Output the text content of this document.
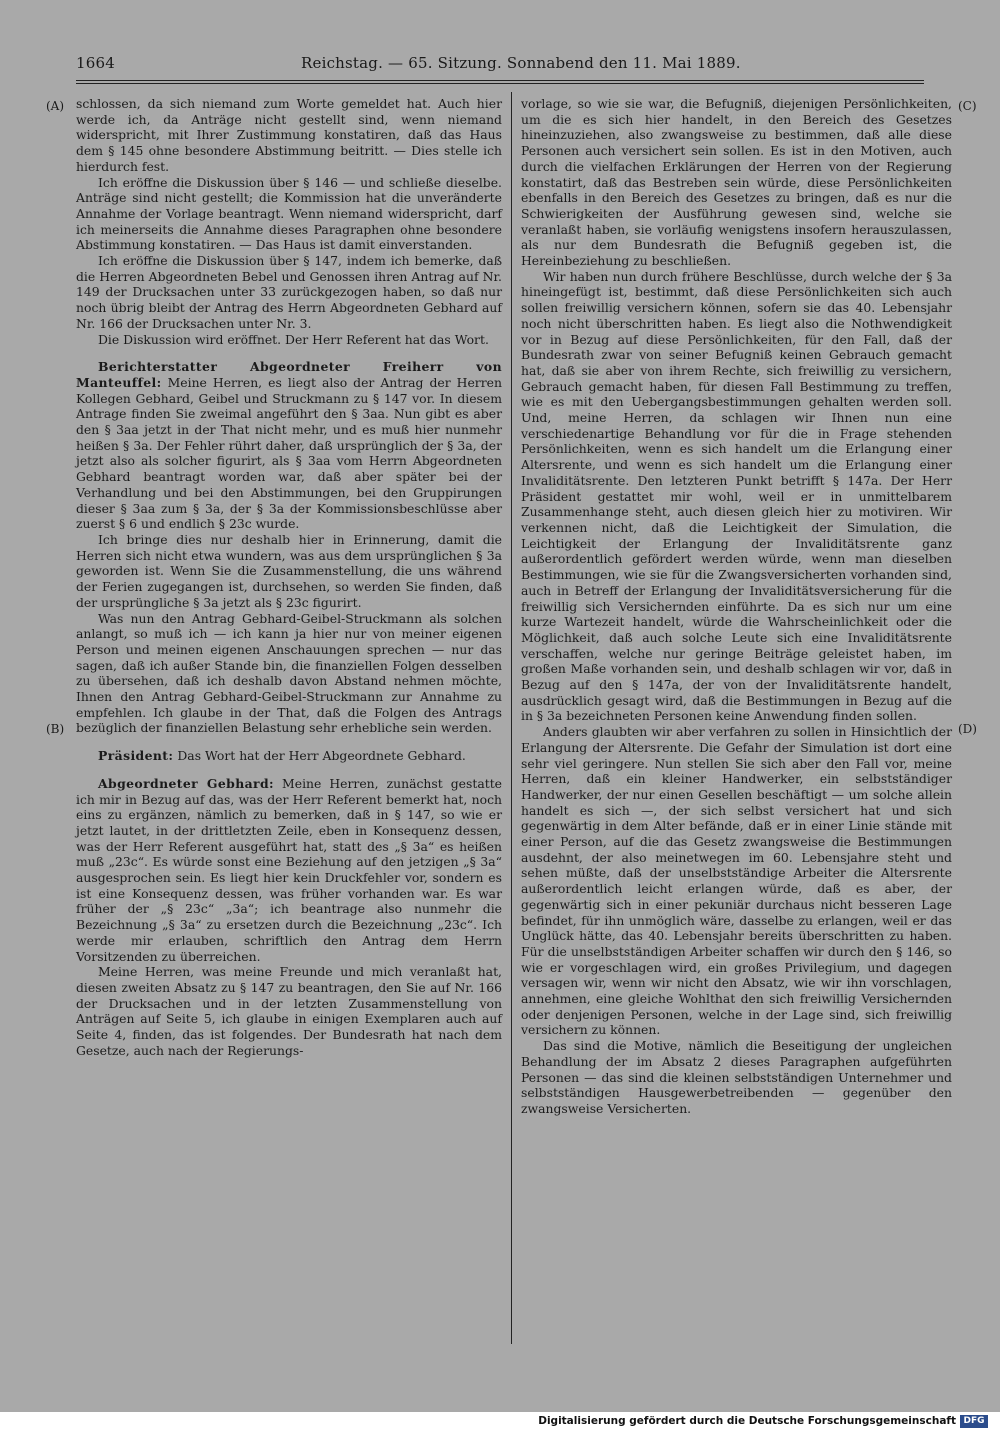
1664	Reichstag. — 65. Sitzung. Sonnabend den 11. Mai 1889.
(A)
(B)
(C)
(D)

schlossen, da sich niemand zum Worte gemeldet hat. Auch hier werde ich, da Anträge nicht gestellt sind, wenn niemand widerspricht, mit Ihrer Zustimmung konstatiren, daß das Haus dem § 145 ohne besondere Abstimmung beitritt. — Dies stelle ich hierdurch fest.

Ich eröffne die Diskussion über § 146 — und schließe dieselbe. Anträge sind nicht gestellt; die Kommission hat die unveränderte Annahme der Vorlage beantragt. Wenn niemand widerspricht, darf ich meinerseits die Annahme dieses Paragraphen ohne besondere Abstimmung konstatiren. — Das Haus ist damit einverstanden.

Ich eröffne die Diskussion über § 147, indem ich bemerke, daß die Herren Abgeordneten Bebel und Genossen ihren Antrag auf Nr. 149 der Drucksachen unter 33 zurückgezogen haben, so daß nur noch übrig bleibt der Antrag des Herrn Abgeordneten Gebhard auf Nr. 166 der Drucksachen unter Nr. 3.

Die Diskussion wird eröffnet. Der Herr Referent hat das Wort.

Berichterstatter Abgeordneter Freiherr von Manteuffel: Meine Herren, es liegt also der Antrag der Herren Kollegen Gebhard, Geibel und Struckmann zu § 147 vor. In diesem Antrage finden Sie zweimal angeführt den § 3aa. Nun gibt es aber den § 3aa jetzt in der That nicht mehr, und es muß hier nunmehr heißen § 3a. Der Fehler rührt daher, daß ursprünglich der § 3a, der jetzt also als solcher figurirt, als § 3aa vom Herrn Abgeordneten Gebhard beantragt worden war, daß aber später bei der Verhandlung und bei den Abstimmungen, bei den Gruppirungen dieser § 3aa zum § 3a, der § 3a der Kommissionsbeschlüsse aber zuerst § 6 und endlich § 23c wurde.

Ich bringe dies nur deshalb hier in Erinnerung, damit die Herren sich nicht etwa wundern, was aus dem ursprünglichen § 3a geworden ist. Wenn Sie die Zusammenstellung, die uns während der Ferien zugegangen ist, durchsehen, so werden Sie finden, daß der ursprüngliche § 3a jetzt als § 23c figurirt.

Was nun den Antrag Gebhard-Geibel-Struckmann als solchen anlangt, so muß ich — ich kann ja hier nur von meiner eigenen Person und meinen eigenen Anschauungen sprechen — nur das sagen, daß ich außer Stande bin, die finanziellen Folgen desselben zu übersehen, daß ich deshalb davon Abstand nehmen möchte, Ihnen den Antrag Gebhard-Geibel-Struckmann zur Annahme zu empfehlen. Ich glaube in der That, daß die Folgen des Antrags bezüglich der finanziellen Belastung sehr erhebliche sein werden.

Präsident: Das Wort hat der Herr Abgeordnete Gebhard.

Abgeordneter Gebhard: Meine Herren, zunächst gestatte ich mir in Bezug auf das, was der Herr Referent bemerkt hat, noch eins zu ergänzen, nämlich zu bemerken, daß in § 147, so wie er jetzt lautet, in der drittletzten Zeile, eben in Konsequenz dessen, was der Herr Referent ausgeführt hat, statt des „§ 3a“ es heißen muß „23c“. Es würde sonst eine Beziehung auf den jetzigen „§ 3a“ ausgesprochen sein. Es liegt hier kein Druckfehler vor, sondern es ist eine Konsequenz dessen, was früher vorhanden war. Es war früher der „§ 23c“ „3a“; ich beantrage also nunmehr die Bezeichnung „§ 3a“ zu ersetzen durch die Bezeichnung „23c“. Ich werde mir erlauben, schriftlich den Antrag dem Herrn Vorsitzenden zu überreichen.

Meine Herren, was meine Freunde und mich veranlaßt hat, diesen zweiten Absatz zu § 147 zu beantragen, den Sie auf Nr. 166 der Drucksachen und in der letzten Zusammenstellung von Anträgen auf Seite 5, ich glaube in einigen Exemplaren auch auf Seite 4, finden, das ist folgendes. Der Bundesrath hat nach dem Gesetze, auch nach der Regierungs-

vorlage, so wie sie war, die Befugniß, diejenigen Persönlichkeiten, um die es sich hier handelt, in den Bereich des Gesetzes hineinzuziehen, also zwangsweise zu bestimmen, daß alle diese Personen auch versichert sein sollen. Es ist in den Motiven, auch durch die vielfachen Erklärungen der Herren von der Regierung konstatirt, daß das Bestreben sein würde, diese Persönlichkeiten ebenfalls in den Bereich des Gesetzes zu bringen, daß es nur die Schwierigkeiten der Ausführung gewesen sind, welche sie veranlaßt haben, sie vorläufig wenigstens insofern herauszulassen, als nur dem Bundesrath die Befugniß gegeben ist, die Hereinbeziehung zu beschließen.

Wir haben nun durch frühere Beschlüsse, durch welche der § 3a hineingefügt ist, bestimmt, daß diese Persönlichkeiten sich auch sollen freiwillig versichern können, sofern sie das 40. Lebensjahr noch nicht überschritten haben. Es liegt also die Nothwendigkeit vor in Bezug auf diese Persönlichkeiten, für den Fall, daß der Bundesrath zwar von seiner Befugniß keinen Gebrauch gemacht hat, daß sie aber von ihrem Rechte, sich freiwillig zu versichern, Gebrauch gemacht haben, für diesen Fall Bestimmung zu treffen, wie es mit den Uebergangsbestimmungen gehalten werden soll. Und, meine Herren, da schlagen wir Ihnen nun eine verschiedenartige Behandlung vor für die in Frage stehenden Persönlichkeiten, wenn es sich handelt um die Erlangung einer Altersrente, und wenn es sich handelt um die Erlangung einer Invaliditätsrente. Den letzteren Punkt betrifft § 147a. Der Herr Präsident gestattet mir wohl, weil er in unmittelbarem Zusammenhange steht, auch diesen gleich hier zu motiviren. Wir verkennen nicht, daß die Leichtigkeit der Simulation, die Leichtigkeit der Erlangung der Invaliditätsrente ganz außerordentlich gefördert werden würde, wenn man dieselben Bestimmungen, wie sie für die Zwangsversicherten vorhanden sind, auch in Betreff der Erlangung der Invaliditätsversicherung für die freiwillig sich Versichernden einführte. Da es sich nur um eine kurze Wartezeit handelt, würde die Wahrscheinlichkeit oder die Möglichkeit, daß auch solche Leute sich eine Invaliditätsrente verschaffen, welche nur geringe Beiträge geleistet haben, im großen Maße vorhanden sein, und deshalb schlagen wir vor, daß in Bezug auf den § 147a, der von der Invaliditätsrente handelt, ausdrücklich gesagt wird, daß die Bestimmungen in Bezug auf die in § 3a bezeichneten Personen keine Anwendung finden sollen.

Anders glaubten wir aber verfahren zu sollen in Hinsichtlich der Erlangung der Altersrente. Die Gefahr der Simulation ist dort eine sehr viel geringere. Nun stellen Sie sich aber den Fall vor, meine Herren, daß ein kleiner Handwerker, ein selbstständiger Handwerker, der nur einen Gesellen beschäftigt — um solche allein handelt es sich —, der sich selbst versichert hat und sich gegenwärtig in dem Alter befände, daß er in einer Linie stände mit einer Person, auf die das Gesetz zwangsweise die Bestimmungen ausdehnt, der also meinetwegen im 60. Lebensjahre steht und sehen müßte, daß der unselbstständige Arbeiter die Altersrente außerordentlich leicht erlangen würde, daß es aber, der gegenwärtig sich in einer pekuniär durchaus nicht besseren Lage befindet, für ihn unmöglich wäre, dasselbe zu erlangen, weil er das Unglück hätte, das 40. Lebensjahr bereits überschritten zu haben. Für die unselbstständigen Arbeiter schaffen wir durch den § 146, so wie er vorgeschlagen wird, ein großes Privilegium, und dagegen versagen wir, wenn wir nicht den Absatz, wie wir ihn vorschlagen, annehmen, eine gleiche Wohlthat den sich freiwillig Versichernden oder denjenigen Personen, welche in der Lage sind, sich freiwillig versichern zu können.

Das sind die Motive, nämlich die Beseitigung der ungleichen Behandlung der im Absatz 2 dieses Paragraphen aufgeführten Personen — das sind die kleinen selbstständigen Unternehmer und selbstständigen Hausgewerbetreibenden — gegenüber den zwangsweise Versicherten.

Digitalisierung gefördert durch die Deutsche Forschungsgemeinschaft DFG
